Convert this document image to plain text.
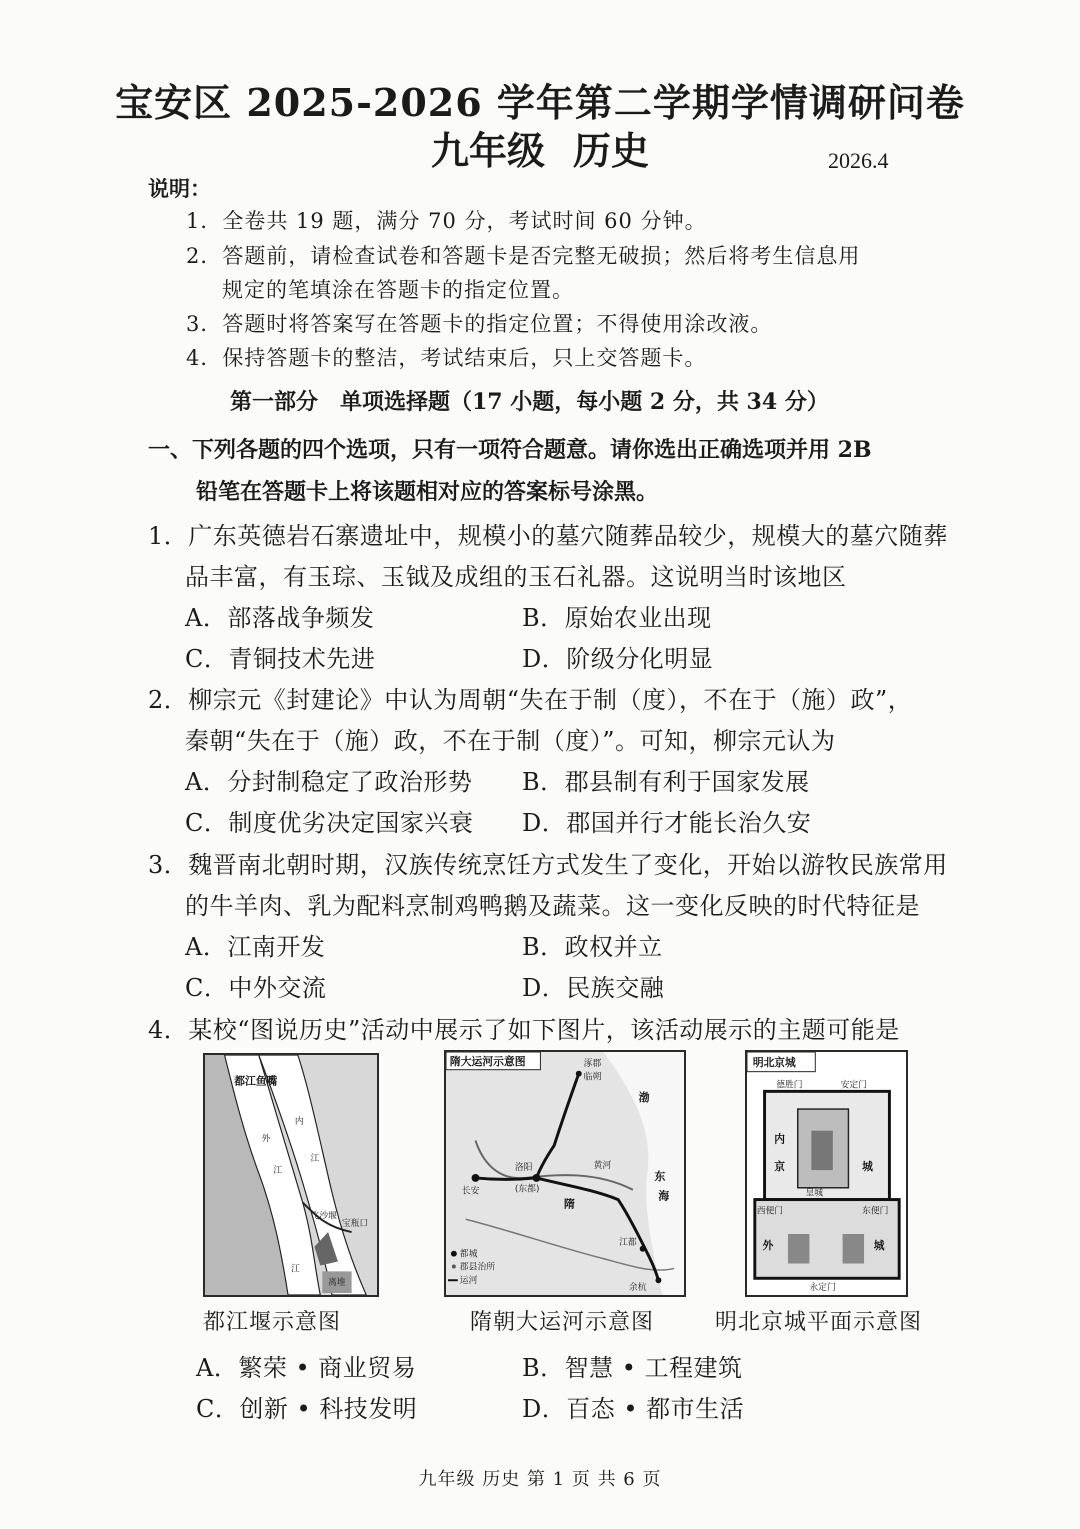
宝安区 2025-2026 学年第二学期学情调研问卷
九年级 历史	2026.4
说明：
1．全卷共 19 题，满分 70 分，考试时间 60 分钟。
2．答题前，请检查试卷和答题卡是否完整无破损；然后将考生信息用
规定的笔填涂在答题卡的指定位置。
3．答题时将答案写在答题卡的指定位置；不得使用涂改液。
4．保持答题卡的整洁，考试结束后，只上交答题卡。
第一部分　单项选择题（17 小题，每小题 2 分，共 34 分）
一、下列各题的四个选项，只有一项符合题意。请你选出正确选项并用 2B
铅笔在答题卡上将该题相对应的答案标号涂黑。
1．广东英德岩石寨遗址中，规模小的墓穴随葬品较少，规模大的墓穴随葬
品丰富，有玉琮、玉钺及成组的玉石礼器。这说明当时该地区
A．部落战争频发	B．原始农业出现
C．青铜技术先进	D．阶级分化明显
2．柳宗元《封建论》中认为周朝“失在于制（度），不在于（施）政”，
秦朝“失在于（施）政，不在于制（度）”。可知，柳宗元认为
A．分封制稳定了政治形势 B．郡县制有利于国家发展
C．制度优劣决定国家兴衰 D．郡国并行才能长治久安
3．魏晋南北朝时期，汉族传统烹饪方式发生了变化，开始以游牧民族常用
的牛羊肉、乳为配料烹制鸡鸭鹅及蔬菜。这一变化反映的时代特征是
A．江南开发	B．政权并立
C．中外交流	D．民族交融
4．某校“图说历史”活动中展示了如下图片，该活动展示的主题可能是
都江鱼嘴
外
内
江
江
飞沙堰
宝瓶口
离堆
江
都江堰示意图
隋大运河示意图	涿郡
临朔
长安
洛阳
(东都)
隋
黄河
江都
余杭
东
海
渤
都城
郡县治所
运河
隋朝大运河示意图
明北京城
德胜门	安定门
内
城
京
皇城
外	城
东便门
西便门
永定门
明北京城平面示意图
A．繁荣 • 商业贸易	B．智慧 • 工程建筑
C．创新 • 科技发明	D．百态 • 都市生活
九年级 历史 第 1 页 共 6 页
